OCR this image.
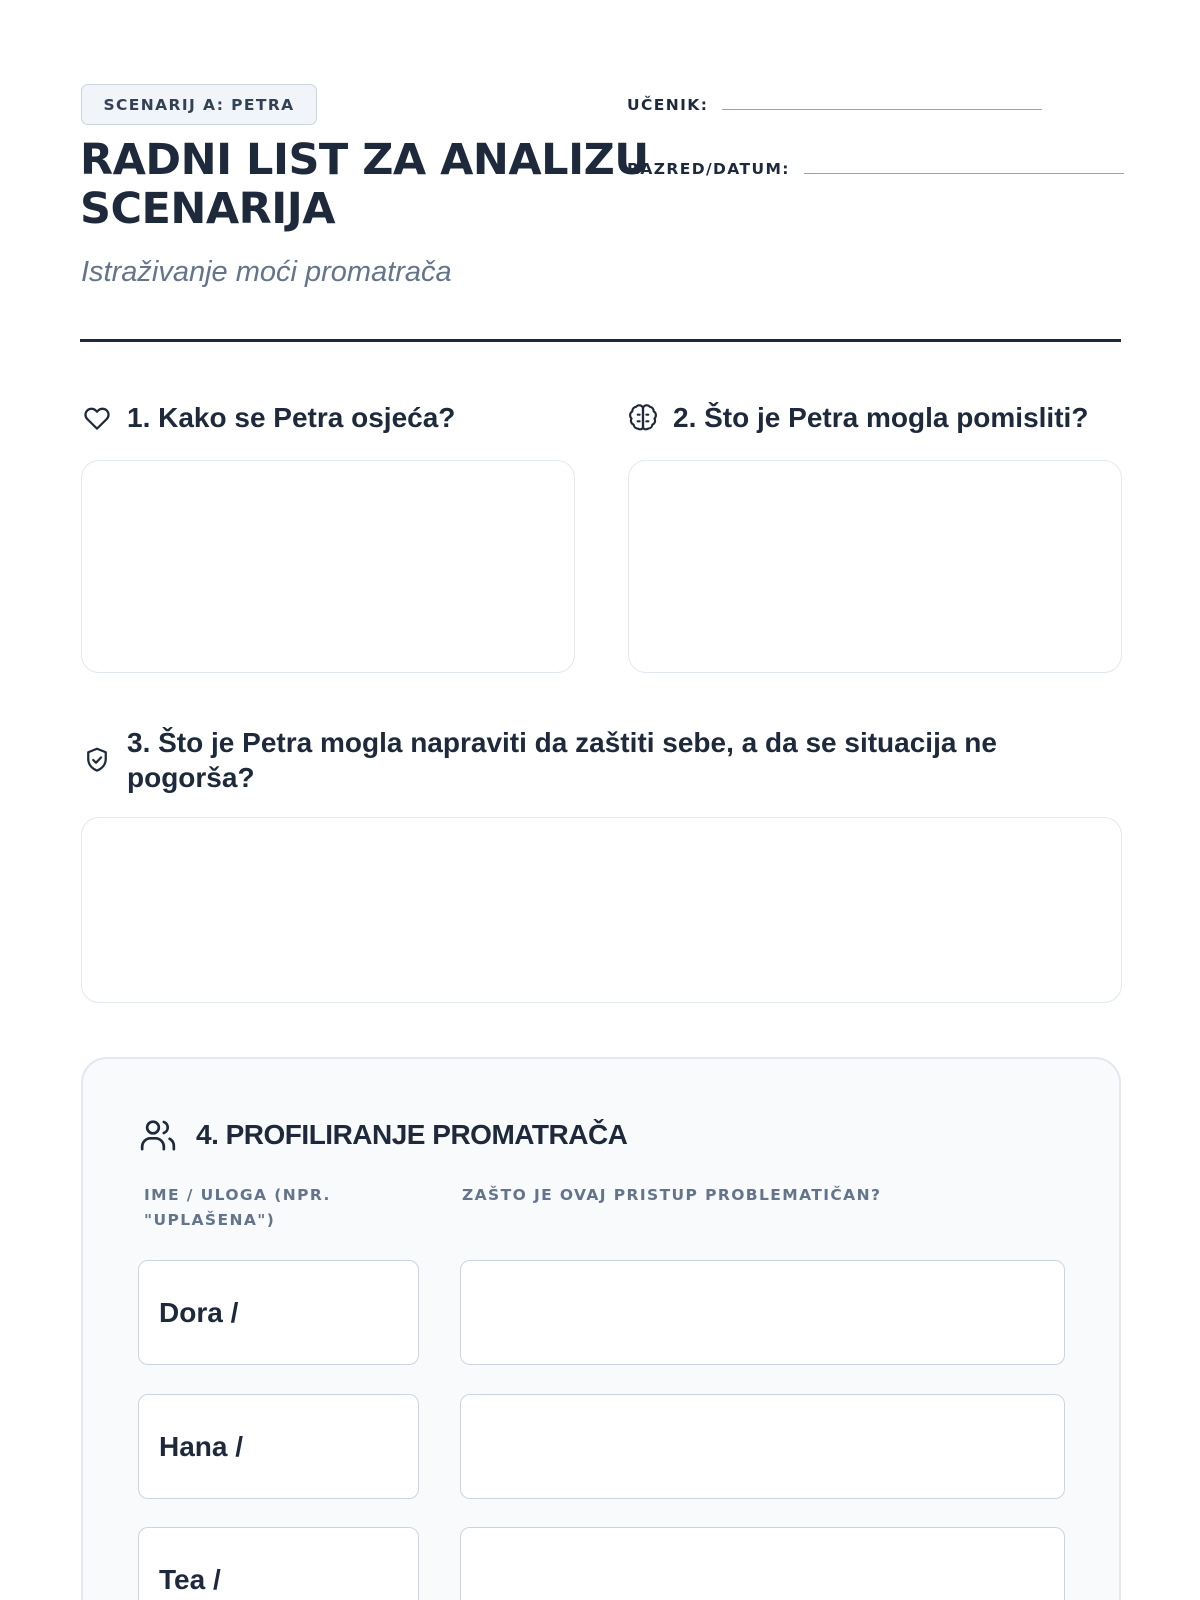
SCENARIJ A: PETRA
RADNI LIST ZA ANALIZU SCENARIJA
Istraživanje moći promatrača
UČENIK:
RAZRED/DATUM:
1. Kako se Petra osjeća?	2. Što je Petra mogla pomisliti?
3. Što je Petra mogla napraviti da zaštiti sebe, a da se situacija ne pogorša?
4. PROFILIRANJE PROMATRAČA
IME / ULOGA (NPR. "UPLAŠENA")
ZAŠTO JE OVAJ PRISTUP PROBLEMATIČAN?
Dora /
Hana /
Tea /
